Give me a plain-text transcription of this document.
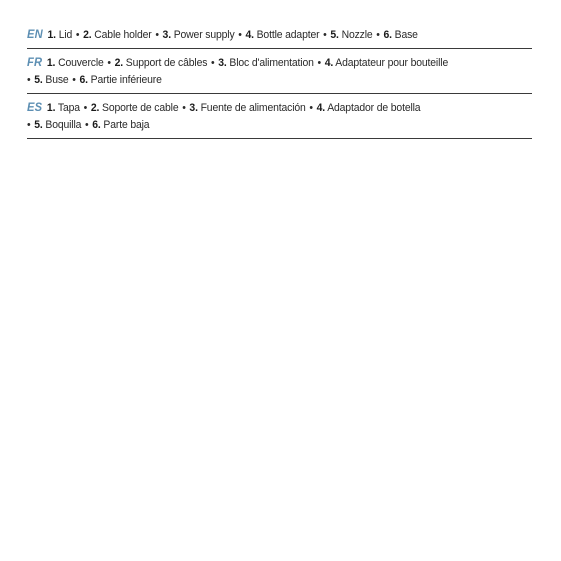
EN 1. Lid • 2. Cable holder • 3. Power supply • 4. Bottle adapter • 5. Nozzle • 6. Base
FR 1. Couvercle • 2. Support de câbles • 3. Bloc d'alimentation • 4. Adaptateur pour bouteille
• 5. Buse • 6. Partie inférieure
ES 1. Tapa • 2. Soporte de cable • 3. Fuente de alimentación • 4. Adaptador de botella
• 5. Boquilla • 6. Parte baja
